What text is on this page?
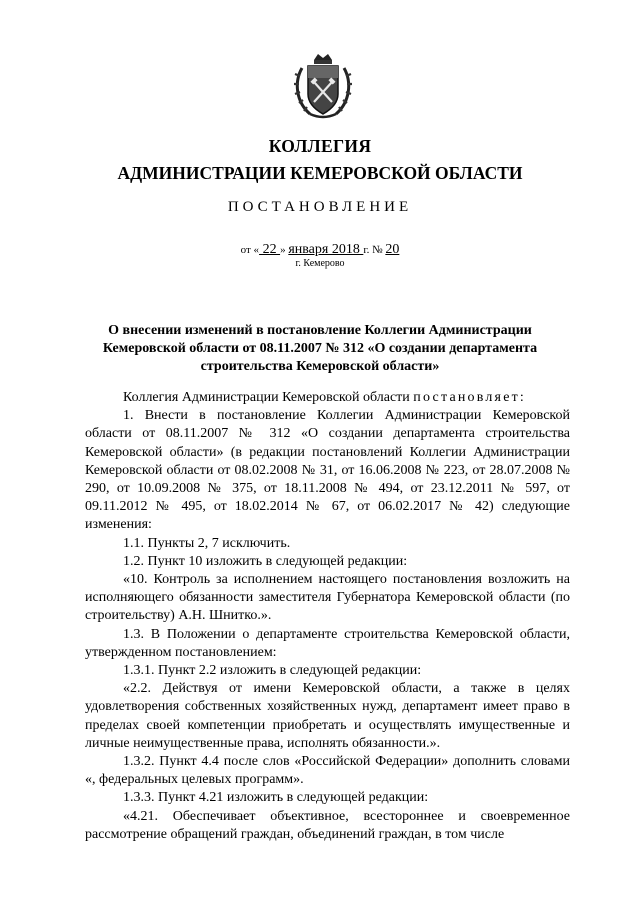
КОЛЛЕГИЯ
АДМИНИСТРАЦИИ КЕМЕРОВСКОЙ ОБЛАСТИ
ПОСТАНОВЛЕНИЕ
от « 22 » января 2018 г. № 20
г. Кемерово
О внесении изменений в постановление Коллегии Администрации Кемеровской области от 08.11.2007 № 312 «О создании департамента строительства Кемеровской области»

Коллегия Администрации Кемеровской области постановляет:

1. Внести в постановление Коллегии Администрации Кемеровской области от 08.11.2007 № 312 «О создании департамента строительства Кемеровской области» (в редакции постановлений Коллегии Администрации Кемеровской области от 08.02.2008 № 31, от 16.06.2008 № 223, от 28.07.2008 № 290, от 10.09.2008 № 375, от 18.11.2008 № 494, от 23.12.2011 № 597, от 09.11.2012 № 495, от 18.02.2014 № 67, от 06.02.2017 № 42) следующие изменения:

1.1. Пункты 2, 7 исключить.

1.2. Пункт 10 изложить в следующей редакции:

«10. Контроль за исполнением настоящего постановления возложить на исполняющего обязанности заместителя Губернатора Кемеровской области (по строительству) А.Н. Шнитко.».

1.3. В Положении о департаменте строительства Кемеровской области, утвержденном постановлением:

1.3.1. Пункт 2.2 изложить в следующей редакции:

«2.2. Действуя от имени Кемеровской области, а также в целях удовлетворения собственных хозяйственных нужд, департамент имеет право в пределах своей компетенции приобретать и осуществлять имущественные и личные неимущественные права, исполнять обязанности.».

1.3.2. Пункт 4.4 после слов «Российской Федерации» дополнить словами «, федеральных целевых программ».

1.3.3. Пункт 4.21 изложить в следующей редакции:

«4.21. Обеспечивает объективное, всестороннее и своевременное рассмотрение обращений граждан, объединений граждан, в том числе
